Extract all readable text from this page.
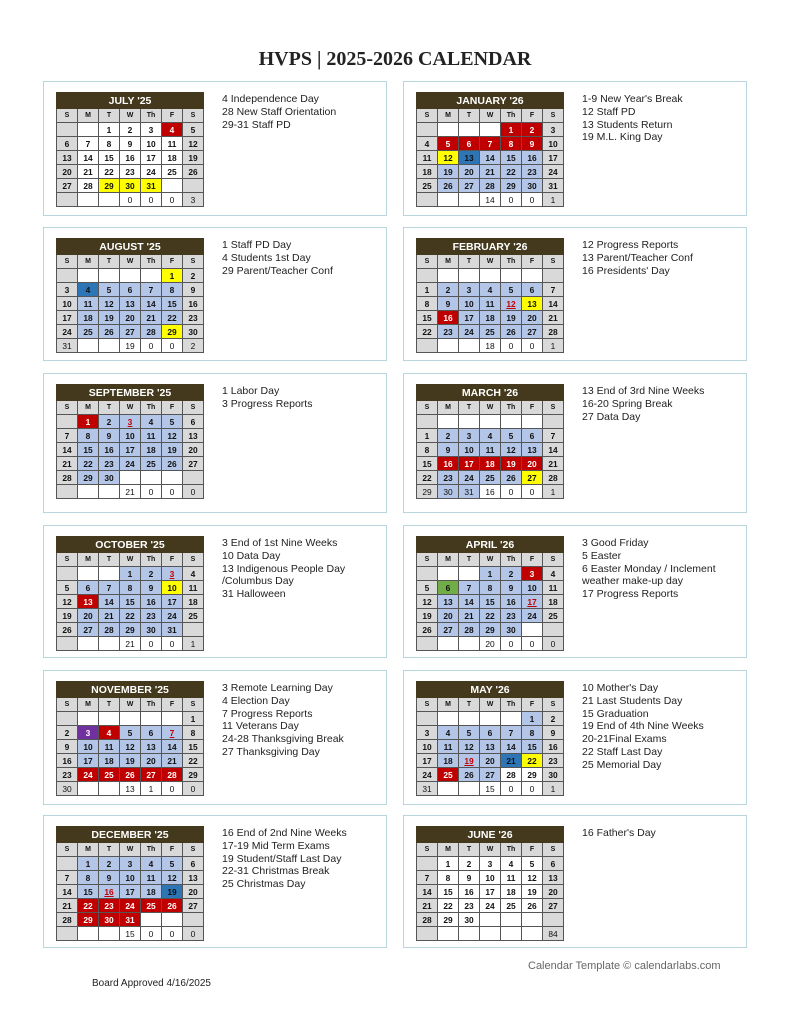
HVPS | 2025-2026 CALENDAR
JULY '25						
S	M	T	W	Th	F	S
		1	2	3	4	5
6	7	8	9	10	11	12
13	14	15	16	17	18	19
20	21	22	23	24	25	26
27	28	29	30	31		
			0	0	0	3
4 Independence Day
28 New Staff Orientation
29-31 Staff PD
JANUARY '26						
S	M	T	W	Th	F	S
				1	2	3
4	5	6	7	8	9	10
11	12	13	14	15	16	17
18	19	20	21	22	23	24
25	26	27	28	29	30	31
			14	0	0	1
1-9 New Year's Break
12 Staff PD
13 Students Return
19 M.L. King Day
AUGUST '25						
S	M	T	W	Th	F	S
					1	2
3	4	5	6	7	8	9
10	11	12	13	14	15	16
17	18	19	20	21	22	23
24	25	26	27	28	29	30
31			19	0	0	2
1 Staff PD Day
4 Students 1st Day
29 Parent/Teacher Conf
FEBRUARY '26						
S	M	T	W	Th	F	S

1	2	3	4	5	6	7
8	9	10	11	12	13	14
15	16	17	18	19	20	21
22	23	24	25	26	27	28
			18	0	0	1
12 Progress Reports
13 Parent/Teacher Conf
16 Presidents' Day
SEPTEMBER '25						
S	M	T	W	Th	F	S
	1	2	3	4	5	6
7	8	9	10	11	12	13
14	15	16	17	18	19	20
21	22	23	24	25	26	27
28	29	30				
			21	0	0	0
1 Labor Day
3 Progress Reports
MARCH '26						
S	M	T	W	Th	F	S

1	2	3	4	5	6	7
8	9	10	11	12	13	14
15	16	17	18	19	20	21
22	23	24	25	26	27	28
29	30	31	16	0	0	1
13 End of 3rd Nine Weeks
16-20 Spring Break
27 Data Day
OCTOBER '25						
S	M	T	W	Th	F	S
			1	2	3	4
5	6	7	8	9	10	11
12	13	14	15	16	17	18
19	20	21	22	23	24	25
26	27	28	29	30	31	
			21	0	0	1
3 End of 1st Nine Weeks
10 Data Day
13 Indigenous People Day
/Columbus Day
31 Halloween
APRIL '26						
S	M	T	W	Th	F	S
			1	2	3	4
5	6	7	8	9	10	11
12	13	14	15	16	17	18
19	20	21	22	23	24	25
26	27	28	29	30		
			20	0	0	0
3 Good Friday
5 Easter
6 Easter Monday / Inclement
weather make-up day
17 Progress Reports
NOVEMBER '25						
S	M	T	W	Th	F	S
						1
2	3	4	5	6	7	8
9	10	11	12	13	14	15
16	17	18	19	20	21	22
23	24	25	26	27	28	29
30			13	1	0	0
3 Remote Learning Day
4 Election Day
7 Progress Reports
11 Veterans Day
24-28 Thanksgiving Break
27 Thanksgiving Day
MAY '26						
S	M	T	W	Th	F	S
					1	2
3	4	5	6	7	8	9
10	11	12	13	14	15	16
17	18	19	20	21	22	23
24	25	26	27	28	29	30
31			15	0	0	1
10 Mother's Day
21 Last Students Day
15 Graduation
19 End of 4th Nine Weeks
20-21Final Exams
22 Staff Last Day
25 Memorial Day
DECEMBER '25						
S	M	T	W	Th	F	S
	1	2	3	4	5	6
7	8	9	10	11	12	13
14	15	16	17	18	19	20
21	22	23	24	25	26	27
28	29	30	31			
			15	0	0	0
16 End of 2nd Nine Weeks
17-19 Mid Term Exams
19 Student/Staff Last Day
22-31 Christmas Break
25 Christmas Day
JUNE '26						
S	M	T	W	Th	F	S
	1	2	3	4	5	6
7	8	9	10	11	12	13
14	15	16	17	18	19	20
21	22	23	24	25	26	27
28	29	30				
						84
16 Father's Day
Calendar Template © calendarlabs.com
Board Approved 4/16/2025
